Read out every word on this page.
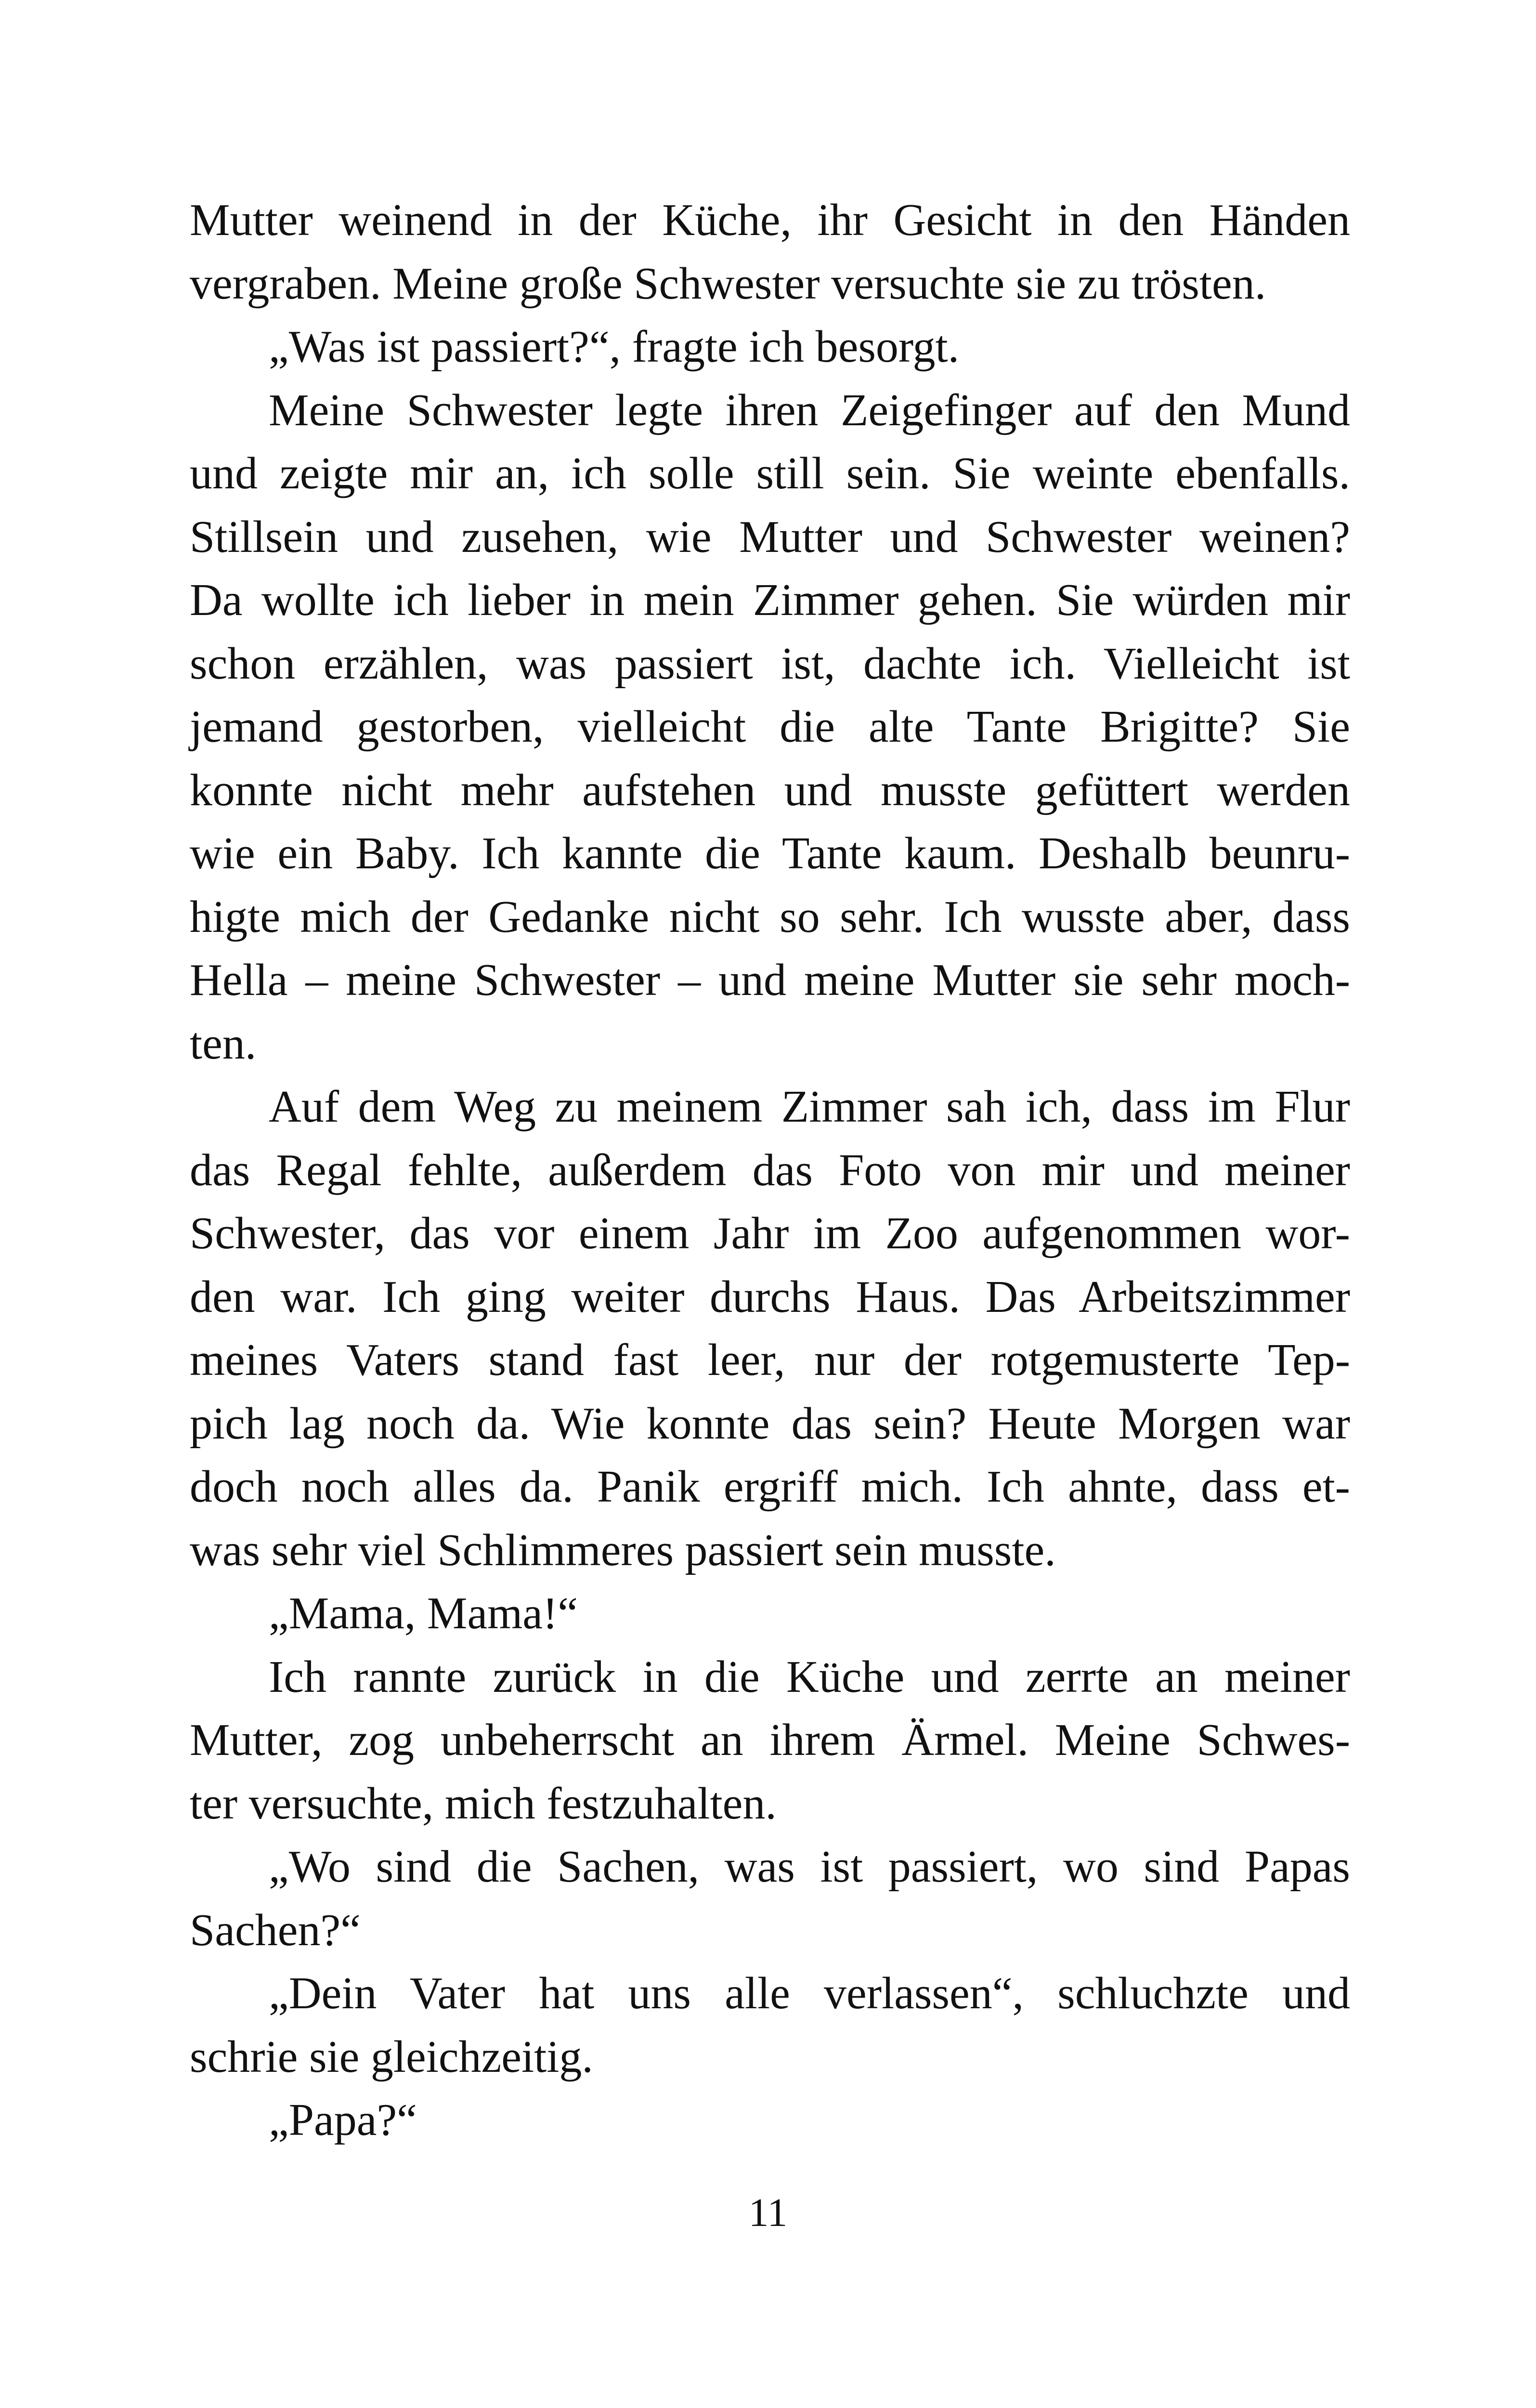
Mutter weinend in der Küche, ihr Gesicht in den Händen
vergraben. Meine große Schwester versuchte sie zu trösten.
„Was ist passiert?“, fragte ich besorgt.
Meine Schwester legte ihren Zeigefinger auf den Mund
und zeigte mir an, ich solle still sein. Sie weinte ebenfalls.
Stillsein und zusehen, wie Mutter und Schwester weinen?
Da wollte ich lieber in mein Zimmer gehen. Sie würden mir
schon erzählen, was passiert ist, dachte ich. Vielleicht ist
jemand gestorben, vielleicht die alte Tante Brigitte? Sie
konnte nicht mehr aufstehen und musste gefüttert werden
wie ein Baby. Ich kannte die Tante kaum. Deshalb beunru-
higte mich der Gedanke nicht so sehr. Ich wusste aber, dass
Hella – meine Schwester – und meine Mutter sie sehr moch-
ten.
Auf dem Weg zu meinem Zimmer sah ich, dass im Flur
das Regal fehlte, außerdem das Foto von mir und meiner
Schwester, das vor einem Jahr im Zoo aufgenommen wor-
den war. Ich ging weiter durchs Haus. Das Arbeitszimmer
meines Vaters stand fast leer, nur der rotgemusterte Tep-
pich lag noch da. Wie konnte das sein? Heute Morgen war
doch noch alles da. Panik ergriff mich. Ich ahnte, dass et-
was sehr viel Schlimmeres passiert sein musste.
„Mama, Mama!“
Ich rannte zurück in die Küche und zerrte an meiner
Mutter, zog unbeherrscht an ihrem Ärmel. Meine Schwes-
ter versuchte, mich festzuhalten.
„Wo sind die Sachen, was ist passiert, wo sind Papas
Sachen?“
„Dein Vater hat uns alle verlassen“, schluchzte und
schrie sie gleichzeitig.
„Papa?“
11
